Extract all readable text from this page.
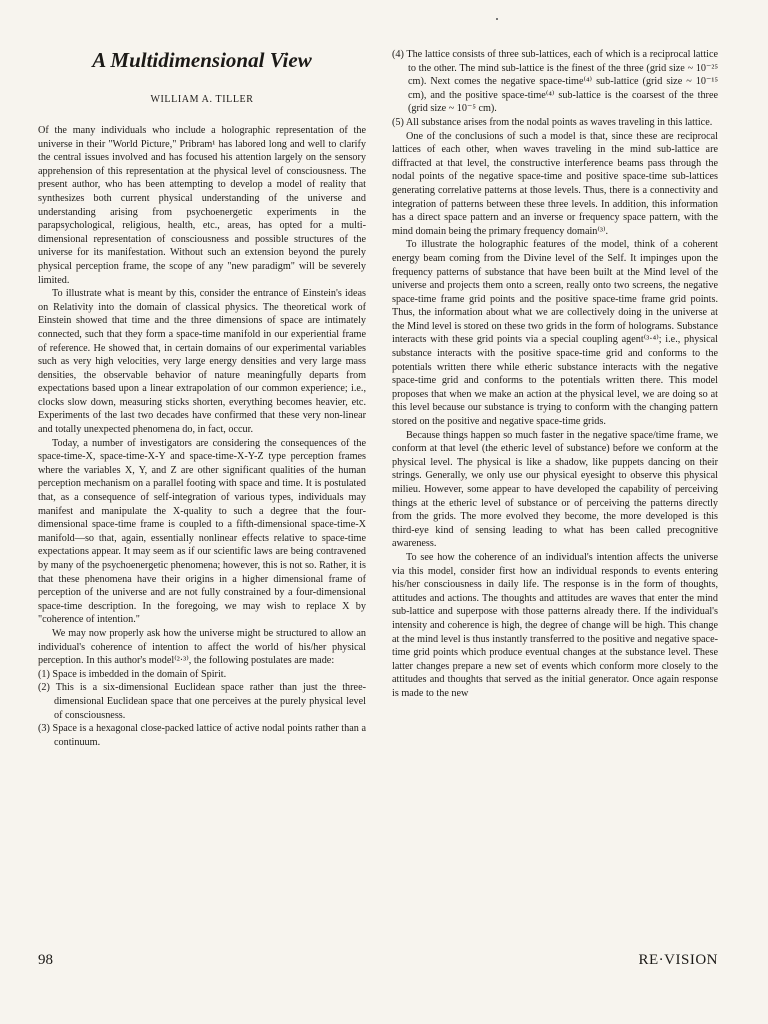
A Multidimensional View
WILLIAM A. TILLER

Of the many individuals who include a holographic representation of the universe in their "World Picture," Pribram¹ has labored long and well to clarify the central issues involved and has focused his attention largely on the sensory apprehension of this representation at the physical level of consciousness. The present author, who has been attempting to develop a model of reality that synthesizes both current physical understanding of the universe and understanding arising from psychoenergetic experiments in the parapsychological, religious, health, etc., areas, has opted for a multi-dimensional representation of consciousness and possible structures of the universe for its manifestation. Without such an extension beyond the purely physical perception frame, the scope of any "new paradigm" will be severely limited.

To illustrate what is meant by this, consider the entrance of Einstein's ideas on Relativity into the domain of classical physics. The theoretical work of Einstein showed that time and the three dimensions of space are intimately connected, such that they form a space-time manifold in our experiential frame of reference. He showed that, in certain domains of our experimental variables such as very high velocities, very large energy densities and very large mass densities, the observable behavior of nature meaningfully departs from expectations based upon a linear extrapolation of our common experience; i.e., clocks slow down, measuring sticks shorten, everything becomes heavier, etc. Experiments of the last two decades have confirmed that these very non-linear and totally unexpected phenomena do, in fact, occur.

Today, a number of investigators are considering the consequences of the space-time-X, space-time-X-Y and space-time-X-Y-Z type perception frames where the variables X, Y, and Z are other significant qualities of the human perception mechanism on a parallel footing with space and time. It is postulated that, as a consequence of self-integration of various types, individuals may manifest and manipulate the X-quality to such a degree that the four-dimensional space-time frame is coupled to a fifth-dimensional space-time-X manifold—so that, again, essentially nonlinear effects relative to space-time expectations appear. It may seem as if our scientific laws are being contravened by many of the psychoenergetic phenomena; however, this is not so. Rather, it is that these phenomena have their origins in a higher dimensional frame of perception of the universe and are not fully constrained by a four-dimensional space-time description. In the foregoing, we may wish to replace X by "coherence of intention."

We may now properly ask how the universe might be structured to allow an individual's coherence of intention to affect the world of his/her physical perception. In this author's model⁽²·³⁾, the following postulates are made:

(1) Space is imbedded in the domain of Spirit.
(2) This is a six-dimensional Euclidean space rather than just the three-dimensional Euclidean space that one perceives at the purely physical level of consciousness.
(3) Space is a hexagonal close-packed lattice of active nodal points rather than a continuum.
(4) The lattice consists of three sub-lattices, each of which is a reciprocal lattice to the other. The mind sub-lattice is the finest of the three (grid size ~ 10⁻²⁵ cm). Next comes the negative space-time⁽⁴⁾ sub-lattice (grid size ~ 10⁻¹⁵ cm), and the positive space-time⁽⁴⁾ sub-lattice is the coarsest of the three (grid size ~ 10⁻⁵ cm).
(5) All substance arises from the nodal points as waves traveling in this lattice.

One of the conclusions of such a model is that, since these are reciprocal lattices of each other, when waves traveling in the mind sub-lattice are diffracted at that level, the constructive interference beams pass through the nodal points of the negative space-time and positive space-time sub-lattices generating correlative patterns at those levels. Thus, there is a connectivity and integration of patterns between these three levels. In addition, this information has a direct space pattern and an inverse or frequency space pattern, with the mind domain being the primary frequency domain⁽³⁾.

To illustrate the holographic features of the model, think of a coherent energy beam coming from the Divine level of the Self. It impinges upon the frequency patterns of substance that have been built at the Mind level of the universe and projects them onto a screen, really onto two screens, the negative space-time frame grid points and the positive space-time frame grid points. Thus, the information about what we are collectively doing in the universe at the Mind level is stored on these two grids in the form of holograms. Substance interacts with these grid points via a special coupling agent⁽³·⁴⁾; i.e., physical substance interacts with the positive space-time grid and conforms to the potentials written there while etheric substance interacts with the negative space-time grid and conforms to the potentials written there. This model proposes that when we make an action at the physical level, we are doing so at this level because our substance is trying to conform with the changing pattern stored on the positive and negative space-time grids.

Because things happen so much faster in the negative space/time frame, we conform at that level (the etheric level of substance) before we conform at the physical level. The physical is like a shadow, like puppets dancing on their strings. Generally, we only use our physical eyesight to observe this physical milieu. However, some appear to have developed the capability of perceiving things at the etheric level of substance or of perceiving the patterns directly from the grids. The more evolved they become, the more developed is this third-eye kind of sensing leading to what has been called precognitive awareness.

To see how the coherence of an individual's intention affects the universe via this model, consider first how an individual responds to events entering his/her consciousness in daily life. The response is in the form of thoughts, attitudes and actions. The thoughts and attitudes are waves that enter the mind sub-lattice and superpose with those patterns already there. If the individual's intensity and coherence is high, the degree of change will be high. This change at the mind level is thus instantly transferred to the positive and negative space-time grid points which produce eventual changes at the substance level. These latter changes prepare a new set of events which conform more closely to the attitudes and thoughts that served as the initial generator. Once again response is made to the new

98	RE·VISION
